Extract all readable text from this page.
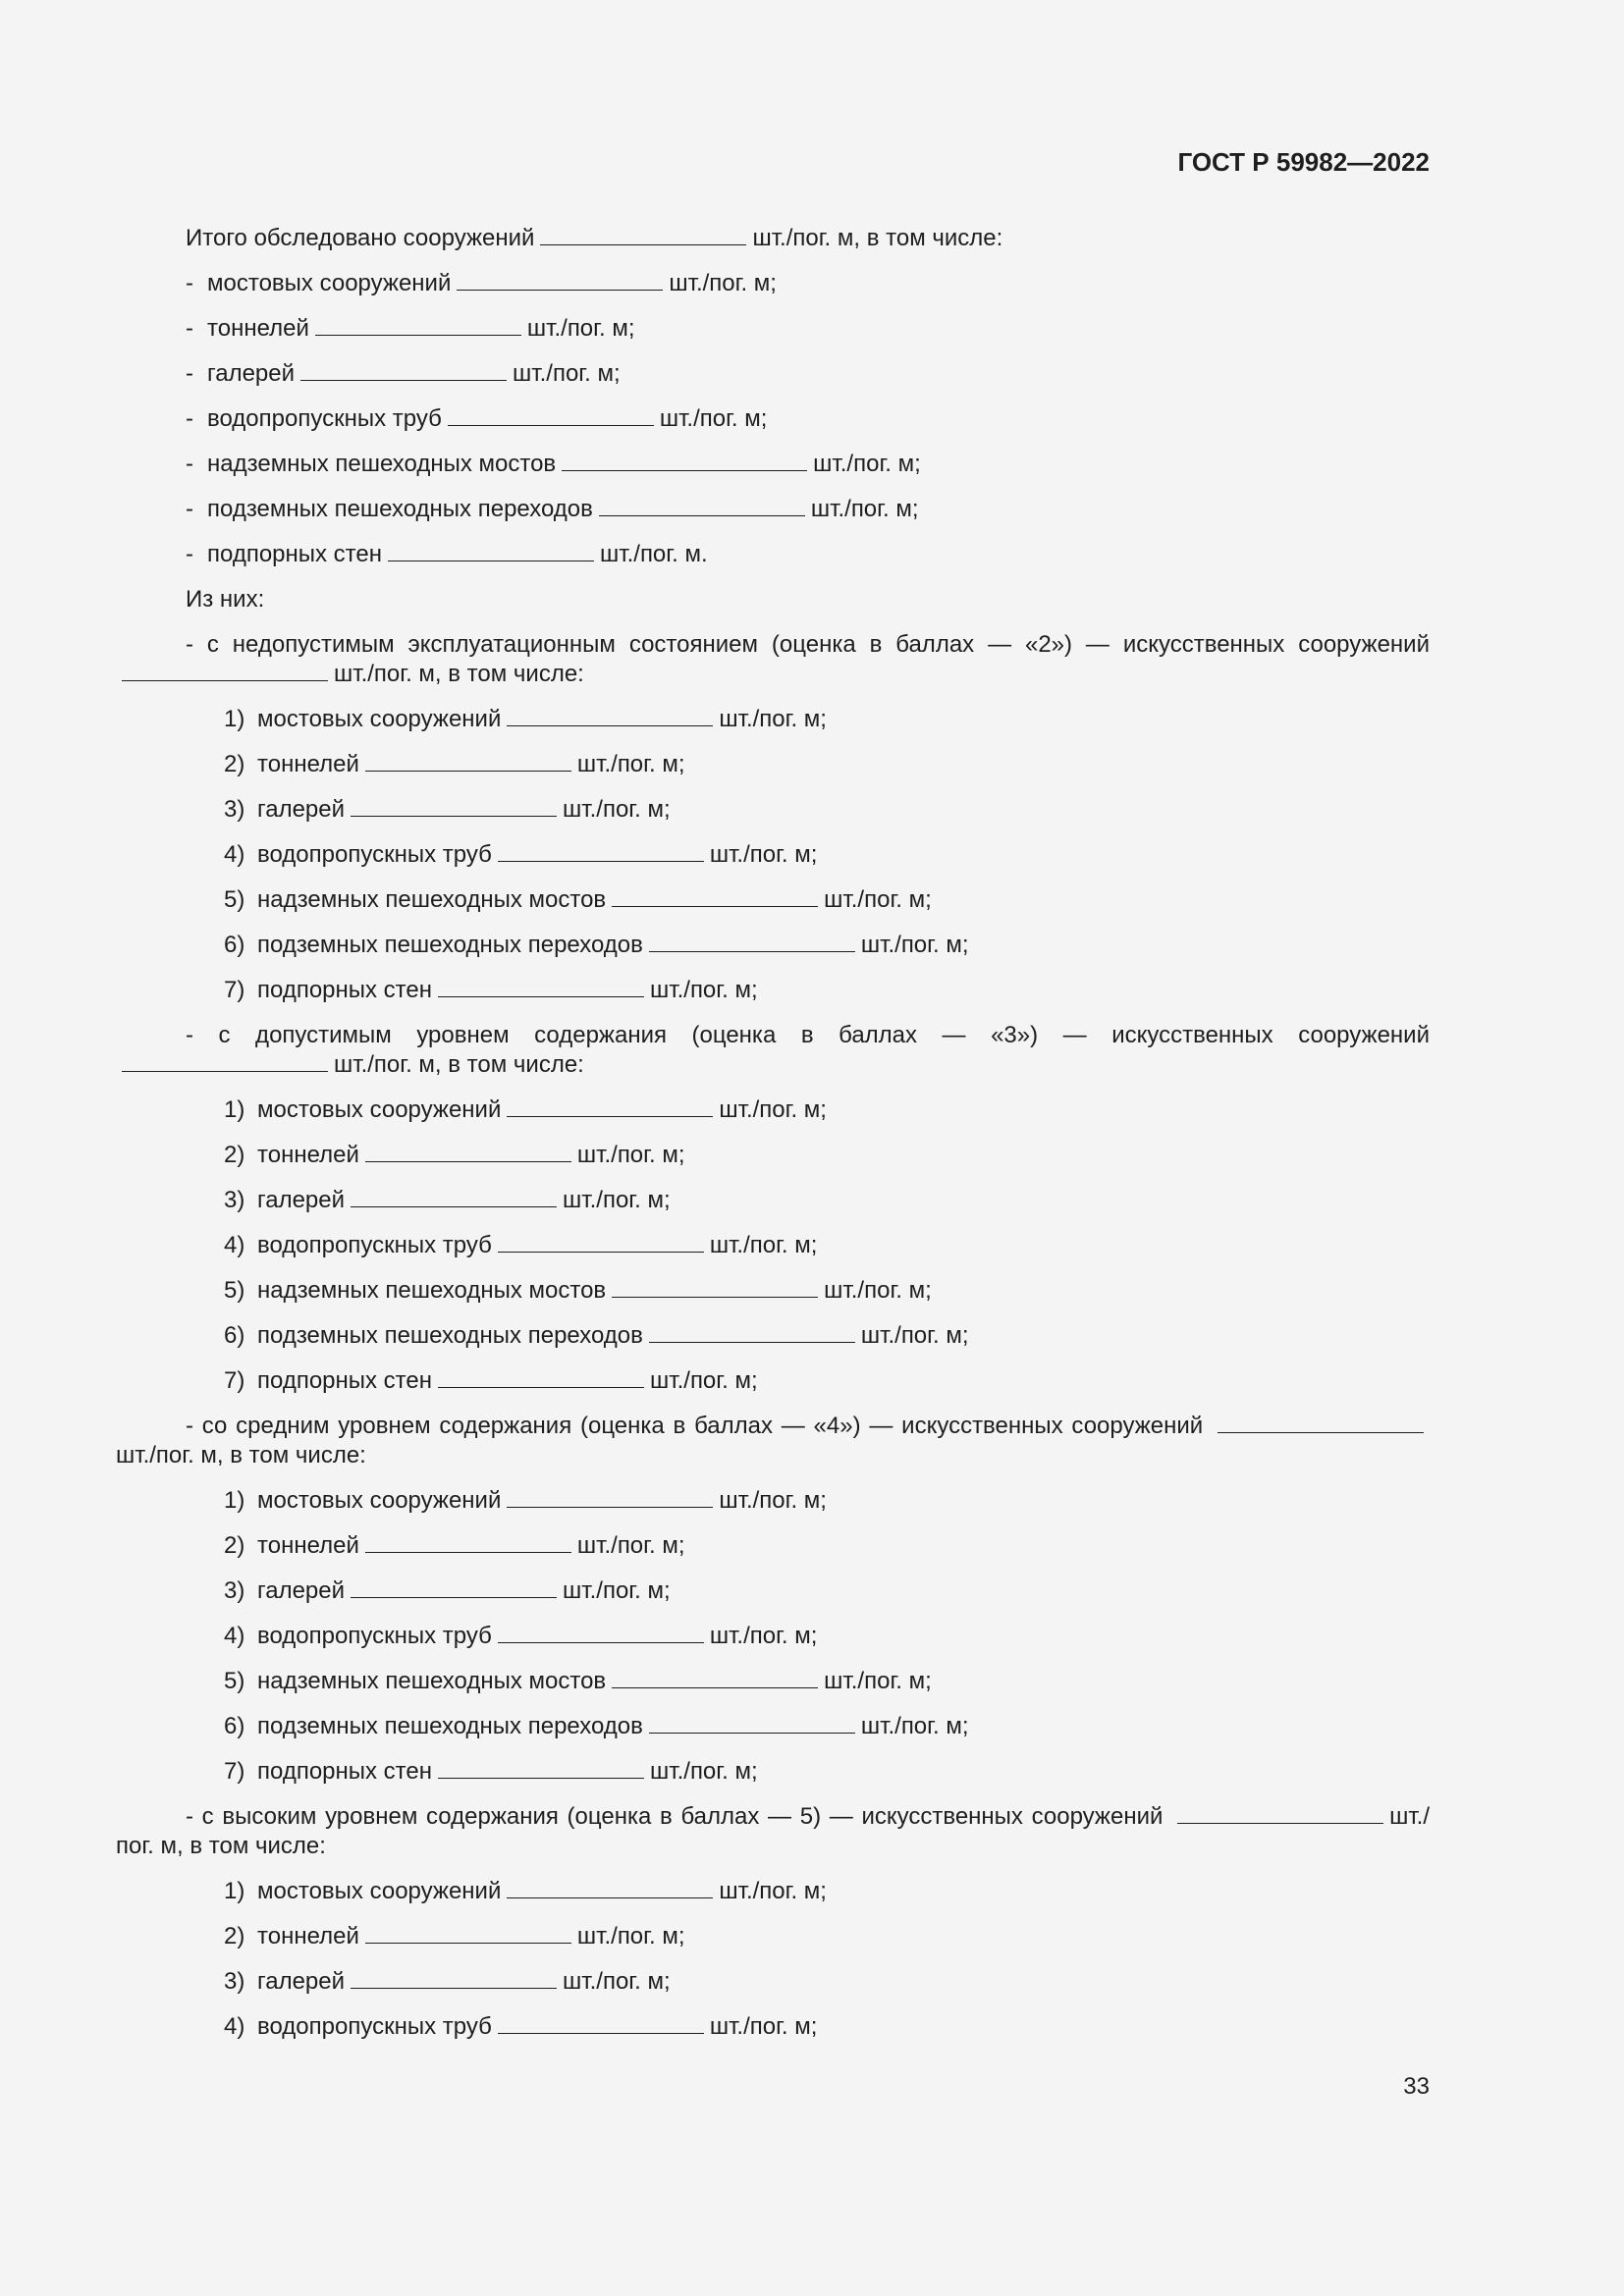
ГОСТ Р 59982—2022
Итого обследовано сооружений	шт./пог. м, в том числе:
- мостовых сооружений	шт./пог. м;
- тоннелей	шт./пог. м;
- галерей	шт./пог. м;
- водопропускных труб	шт./пог. м;
- надземных пешеходных мостов	шт./пог. м;
- подземных пешеходных переходов	шт./пог. м;
- подпорных стен	шт./пог. м.
Из них:
- с недопустимым эксплуатационным состоянием (оценка в баллах — «2») — искусственных сооружений шт./пог. м, в том числе:
1) мостовых сооружений	шт./пог. м;
2) тоннелей	шт./пог. м;
3) галерей	шт./пог. м;
4) водопропускных труб	шт./пог. м;
5) надземных пешеходных мостов	шт./пог. м;
6) подземных пешеходных переходов	шт./пог. м;
7) подпорных стен	шт./пог. м;
- с допустимым уровнем содержания (оценка в баллах — «3») — искусственных сооружений шт./пог. м, в том числе:
1) мостовых сооружений	шт./пог. м;
2) тоннелей	шт./пог. м;
3) галерей	шт./пог. м;
4) водопропускных труб	шт./пог. м;
5) надземных пешеходных мостов	шт./пог. м;
6) подземных пешеходных переходов	шт./пог. м;
7) подпорных стен	шт./пог. м;
- со средним уровнем содержания (оценка в баллах — «4») — искусственных сооружений шт./пог. м, в том числе:
1) мостовых сооружений	шт./пог. м;
2) тоннелей	шт./пог. м;
3) галерей	шт./пог. м;
4) водопропускных труб	шт./пог. м;
5) надземных пешеходных мостов	шт./пог. м;
6) подземных пешеходных переходов	шт./пог. м;
7) подпорных стен	шт./пог. м;
- с высоким уровнем содержания (оценка в баллах — 5) — искусственных сооружений	шт./пог. м, в том числе:
1) мостовых сооружений	шт./пог. м;
2) тоннелей	шт./пог. м;
3) галерей	шт./пог. м;
4) водопропускных труб	шт./пог. м;
33
